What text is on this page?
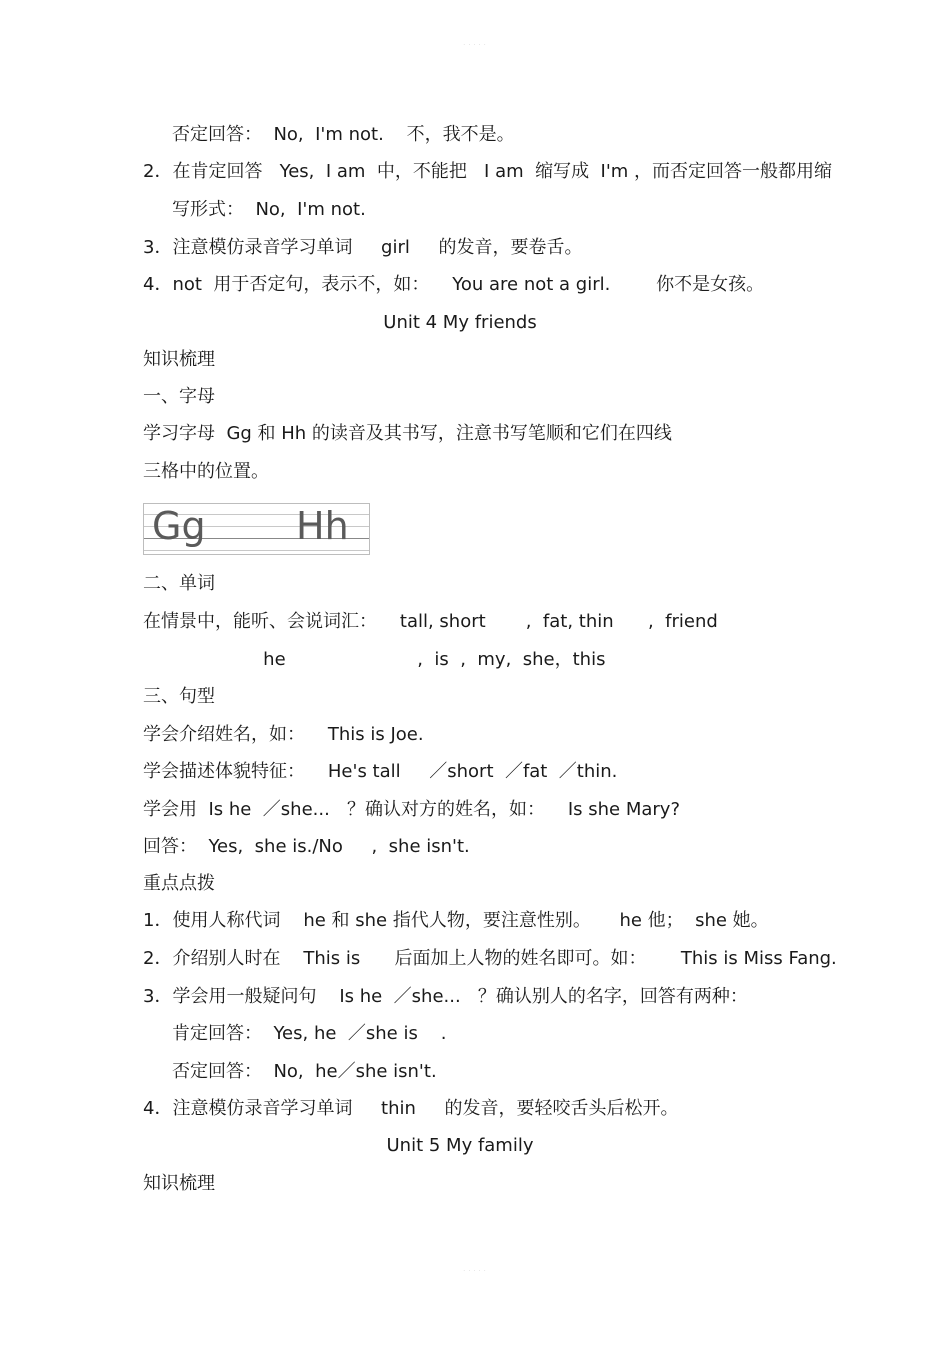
· · · · ·
否定回答：  No,  I'm not.    不，我不是。
2．在肯定回答   Yes,  I am  中，不能把   I am  缩写成  I'm ，而否定回答一般都用缩
写形式：  No,  I'm not.
3．注意模仿录音学习单词     girl     的发音，要卷舌。
4．not  用于否定句，表示不，如：    You are not a girl.        你不是女孩。
Unit 4 My friends
知识梳理
一、字母
学习字母  Gg 和 Hh 的读音及其书写，注意书写笔顺和它们在四线
三格中的位置。
Gg Hh
二、单词
在情景中，能听、会说词汇：    tall, short       ,  fat, thin      ,  friend
he                       ,  is  ,  my,  she，this
三、句型
学会介绍姓名，如：    This is Joe.
学会描述体貌特征：    He's tall     ／short  ／fat  ／thin.
学会用  Is he  ／she...   ？确认对方的姓名，如：    Is she Mary?
回答：  Yes,  she is./No     ,  she isn't.
重点点拨
1．使用人称代词    he 和 she 指代人物，要注意性别。     he 他；  she 她。
2．介绍别人时在    This is      后面加上人物的姓名即可。如：      This is Miss Fang.
3．学会用一般疑问句    Is he  ／she...   ？确认别人的名字，回答有两种：
肯定回答：  Yes, he  ／she is    .
否定回答：  No,  he／she isn't.
4．注意模仿录音学习单词     thin     的发音，要轻咬舌头后松开。
Unit 5 My family
知识梳理
· · · · ·
